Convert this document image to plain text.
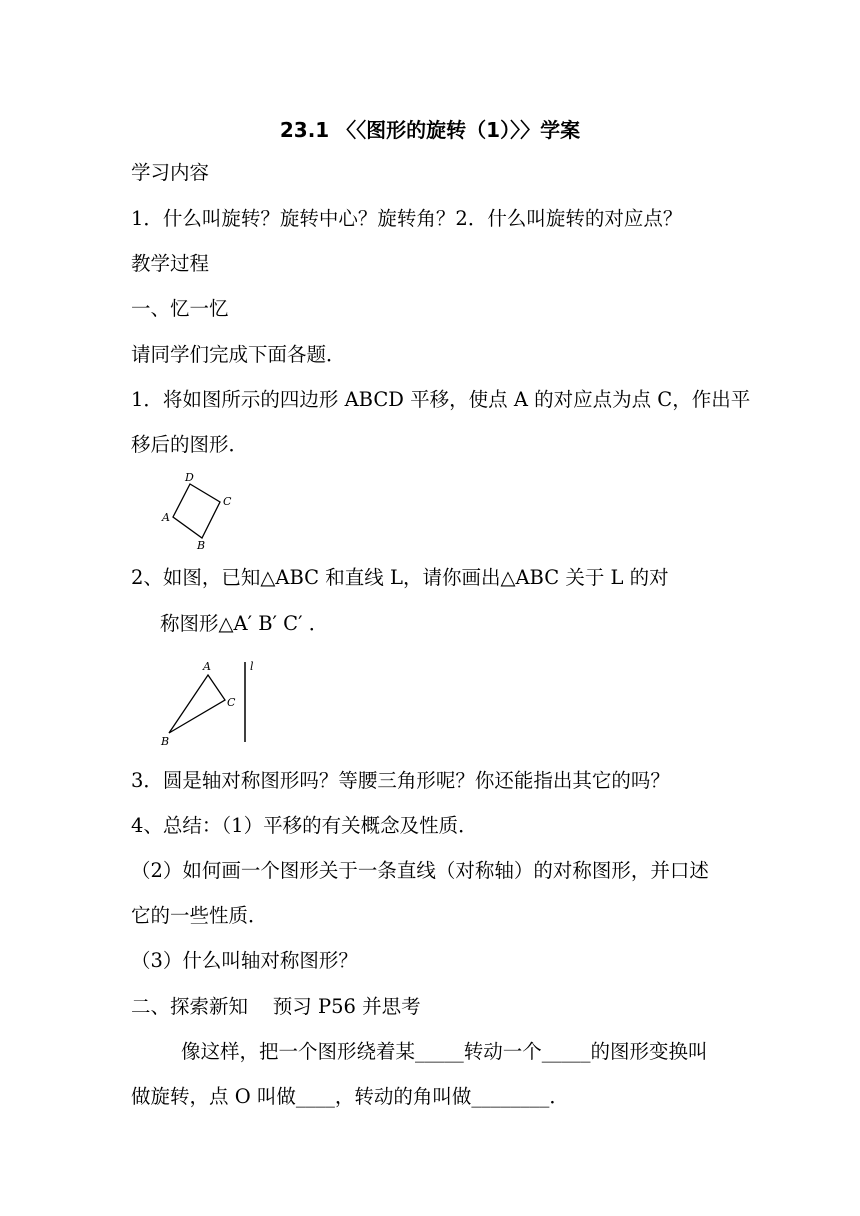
23.1 〈〈图形的旋转（1）〉〉学案
学习内容
1．什么叫旋转？旋转中心？旋转角？2．什么叫旋转的对应点？
教学过程
一、忆一忆
请同学们完成下面各题．
1．将如图所示的四边形 ABCD 平移，使点 A 的对应点为点 C，作出平
移后的图形．
D
C
A
B
2、如图，已知△ABC 和直线 L，请你画出△ABC 关于 L 的对
称图形△A′ B′ C′ ．
A
C
B
l
3．圆是轴对称图形吗？等腰三角形呢？你还能指出其它的吗？
4、总结：（1）平移的有关概念及性质．
（2）如何画一个图形关于一条直线（对称轴）的对称图形，并口述
它的一些性质．
（3）什么叫轴对称图形？
二、探索新知    预习 P56 并思考
像这样，把一个图形绕着某_____转动一个_____的图形变换叫
做旋转，点 O 叫做____，转动的角叫做________．
